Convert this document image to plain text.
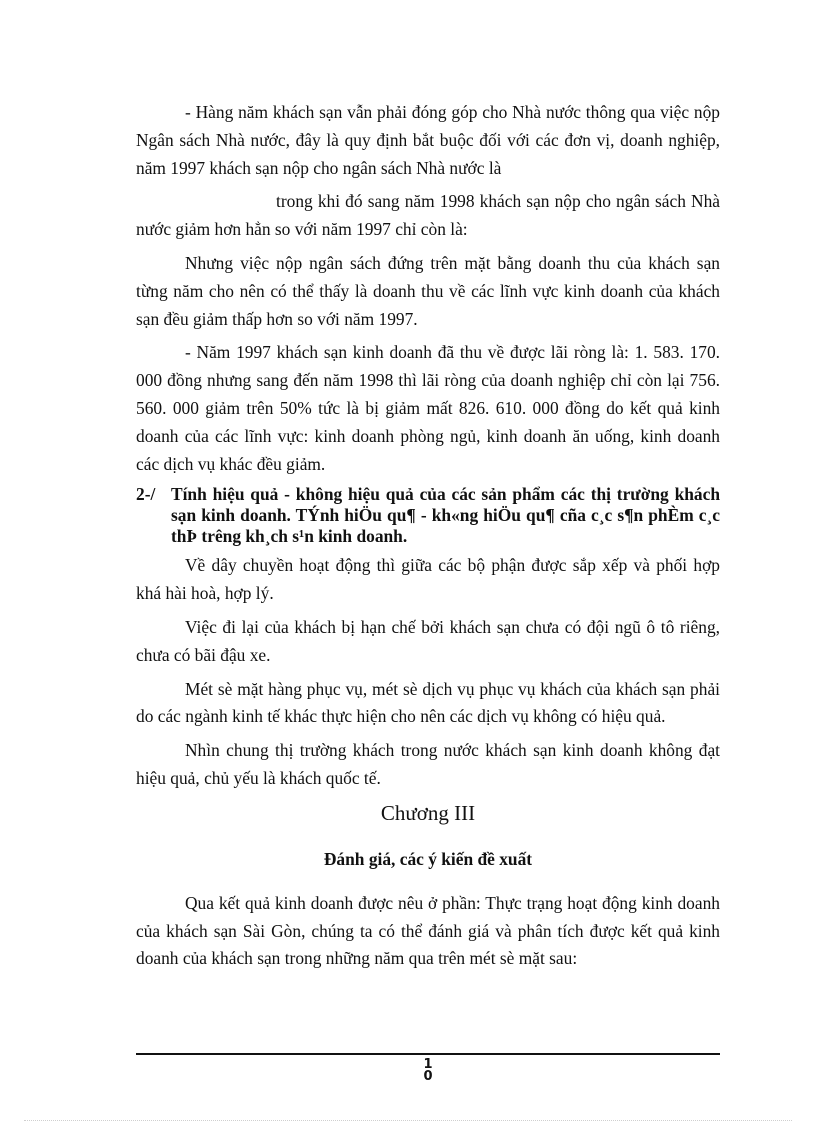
- Hàng năm khách sạn vẫn phải đóng góp cho Nhà nước thông qua việc nộp Ngân sách Nhà nước, đây là quy định bắt buộc đối với các đơn vị, doanh nghiệp, năm 1997 khách sạn nộp cho ngân sách Nhà nước là

trong khi đó sang năm 1998 khách sạn nộp cho ngân sách Nhà nước giảm hơn hẳn so với năm 1997 chỉ còn là:

Nhưng việc nộp ngân sách đứng trên mặt bằng doanh thu của khách sạn từng năm cho nên có thể thấy là doanh thu về các lĩnh vực kinh doanh của khách sạn đều giảm thấp hơn so với năm 1997.

- Năm 1997 khách sạn kinh doanh đã thu về được lãi ròng là: 1. 583. 170. 000 đồng nhưng sang đến năm 1998 thì lãi ròng của doanh nghiệp chỉ còn lại 756. 560. 000 giảm trên 50% tức là bị giảm mất 826. 610. 000 đồng do kết quả kinh doanh của các lĩnh vực: kinh doanh phòng ngủ, kinh doanh ăn uống, kinh doanh các dịch vụ khác đều giảm.

2-/ Tính hiệu quả - không hiệu quả của các sản phẩm các thị trường khách sạn kinh doanh. TÝnh hiÖu qu¶ - kh«ng hiÖu qu¶ cña c¸c s¶n phÈm c¸c thÞ trêng kh¸ch s¹n kinh doanh.

Về dây chuyền hoạt động thì giữa các bộ phận được sắp xếp và phối hợp khá hài hoà, hợp lý.

Việc đi lại của khách bị hạn chế bởi khách sạn chưa có đội ngũ ô tô riêng, chưa có bãi đậu xe.

Mét sè mặt hàng phục vụ, mét sè dịch vụ phục vụ khách của khách sạn phải do các ngành kinh tế khác thực hiện cho nên các dịch vụ không có hiệu quả.

Nhìn chung thị trường khách trong nước khách sạn kinh doanh không đạt hiệu quả, chủ yếu là khách quốc tế.

Chương III
Đánh giá, các ý kiến đề xuất

Qua kết quả kinh doanh được nêu ở phần: Thực trạng hoạt động kinh doanh của khách sạn Sài Gòn, chúng ta có thể đánh giá và phân tích được kết quả kinh doanh của khách sạn trong những năm qua trên mét sè mặt sau:

1
0
